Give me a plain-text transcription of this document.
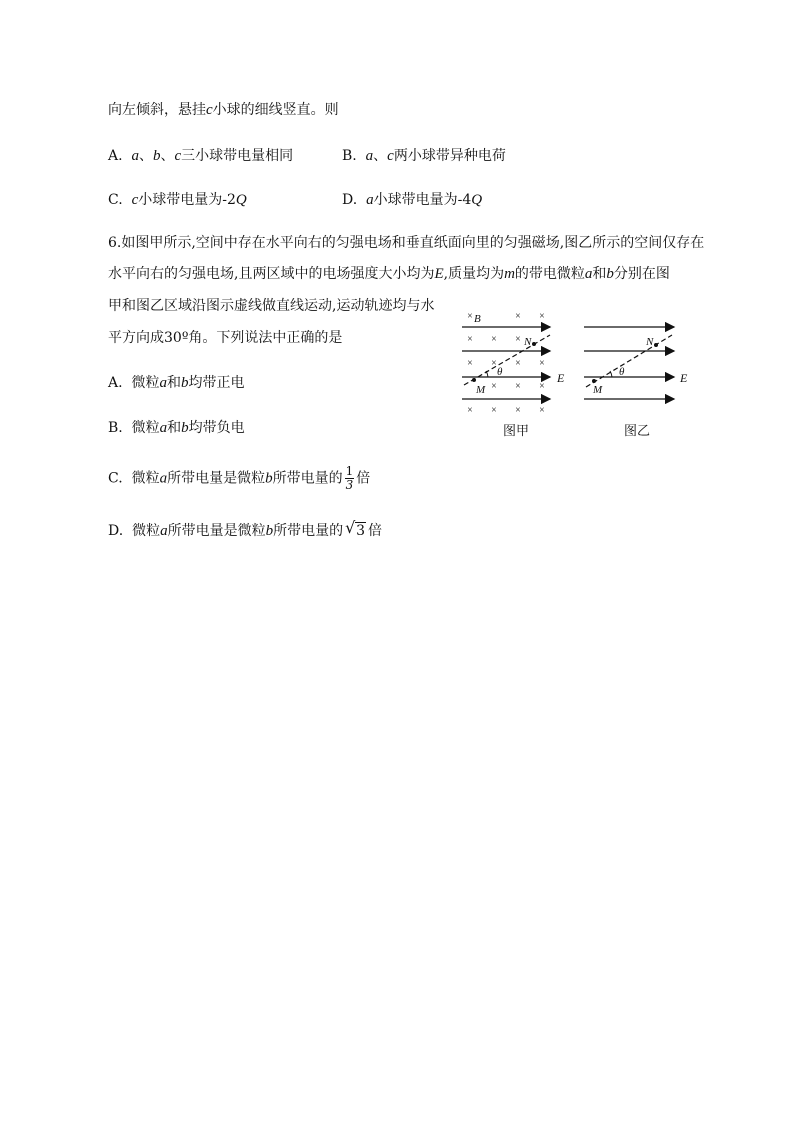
向左倾斜，悬挂c小球的细线竖直。则
A. a、b、c三小球带电量相同	B. a、c两小球带异种电荷
C. c小球带电量为-2Q	D. a小球带电量为-4Q
6.如图甲所示,空间中存在水平向右的匀强电场和垂直纸面向里的匀强磁场,图乙所示的空间仅存在
水平向右的匀强电场,且两区域中的电场强度大小均为E,质量均为m的带电微粒a和b分别在图
甲和图乙区域沿图示虚线做直线运动,运动轨迹均与水
平方向成30º角。下列说法中正确的是
A. 微粒a和b均带正电
B. 微粒a和b均带负电
C. 微粒a所带电量是微粒b所带电量的 $\frac{1}{3}$ 倍
D. 微粒a所带电量是微粒b所带电量的 √ 3 倍
×	× ×
× × ×
× × × ×
× × ×
× × × ×
B
N
M
θ	E
图甲
N
M
θ	E
图乙
